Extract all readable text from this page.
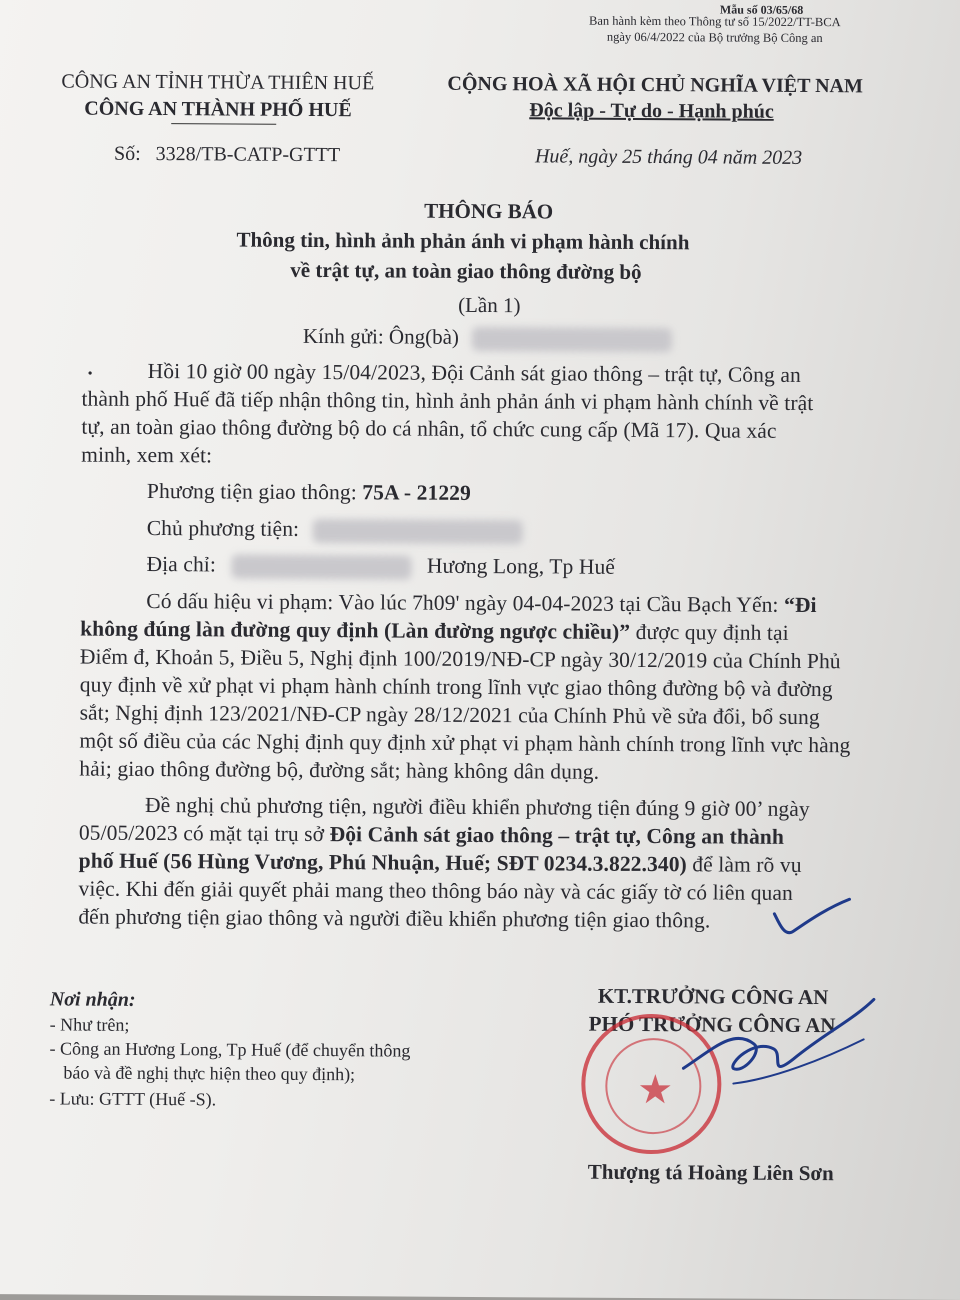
Mẫu số 03/65/68
Ban hành kèm theo Thông tư số 15/2022/TT-BCA
ngày 06/4/2022 của Bộ trưởng Bộ Công an
CÔNG AN TỈNH THỪA THIÊN HUẾ
CÔNG AN THÀNH PHỐ HUẾ
Số: 3328/TB-CATP-GTTT
CỘNG HOÀ XÃ HỘI CHỦ NGHĨA VIỆT NAM
Độc lập - Tự do - Hạnh phúc
Huế, ngày 25 tháng 04 năm 2023
THÔNG BÁO
Thông tin, hình ảnh phản ánh vi phạm hành chính
về trật tự, an toàn giao thông đường bộ
(Lần 1)
Kính gửi: Ông(bà)
•	Hồi 10 giờ 00 ngày 15/04/2023, Đội Cảnh sát giao thông – trật tự, Công an
thành phố Huế đã tiếp nhận thông tin, hình ảnh phản ánh vi phạm hành chính về trật
tự, an toàn giao thông đường bộ do cá nhân, tổ chức cung cấp (Mã 17). Qua xác
minh, xem xét:
Phương tiện giao thông: 75A - 21229
Chủ phương tiện:
Địa chỉ:	Hương Long, Tp Huế
Có dấu hiệu vi phạm: Vào lúc 7h09' ngày 04-04-2023 tại Cầu Bạch Yến: “Đi
không đúng làn đường quy định (Làn đường ngược chiều)” được quy định tại
Điểm đ, Khoản 5, Điều 5, Nghị định 100/2019/NĐ-CP ngày 30/12/2019 của Chính Phủ
quy định về xử phạt vi phạm hành chính trong lĩnh vực giao thông đường bộ và đường
sắt; Nghị định 123/2021/NĐ-CP ngày 28/12/2021 của Chính Phủ về sửa đổi, bổ sung
một số điều của các Nghị định quy định xử phạt vi phạm hành chính trong lĩnh vực hàng
hải; giao thông đường bộ, đường sắt; hàng không dân dụng.
Đề nghị chủ phương tiện, người điều khiển phương tiện đúng 9 giờ 00’ ngày
05/05/2023 có mặt tại trụ sở Đội Cảnh sát giao thông – trật tự, Công an thành
phố Huế (56 Hùng Vương, Phú Nhuận, Huế; SĐT 0234.3.822.340) để làm rõ vụ
việc. Khi đến giải quyết phải mang theo thông báo này và các giấy tờ có liên quan
đến phương tiện giao thông và người điều khiển phương tiện giao thông.
Nơi nhận:
- Như trên;
- Công an Hương Long, Tp Huế (để chuyển thông
báo và đề nghị thực hiện theo quy định);
- Lưu: GTTT (Huế -S).
KT.TRƯỞNG CÔNG AN
PHÓ TRƯỞNG CÔNG AN
★
Thượng tá Hoàng Liên Sơn
